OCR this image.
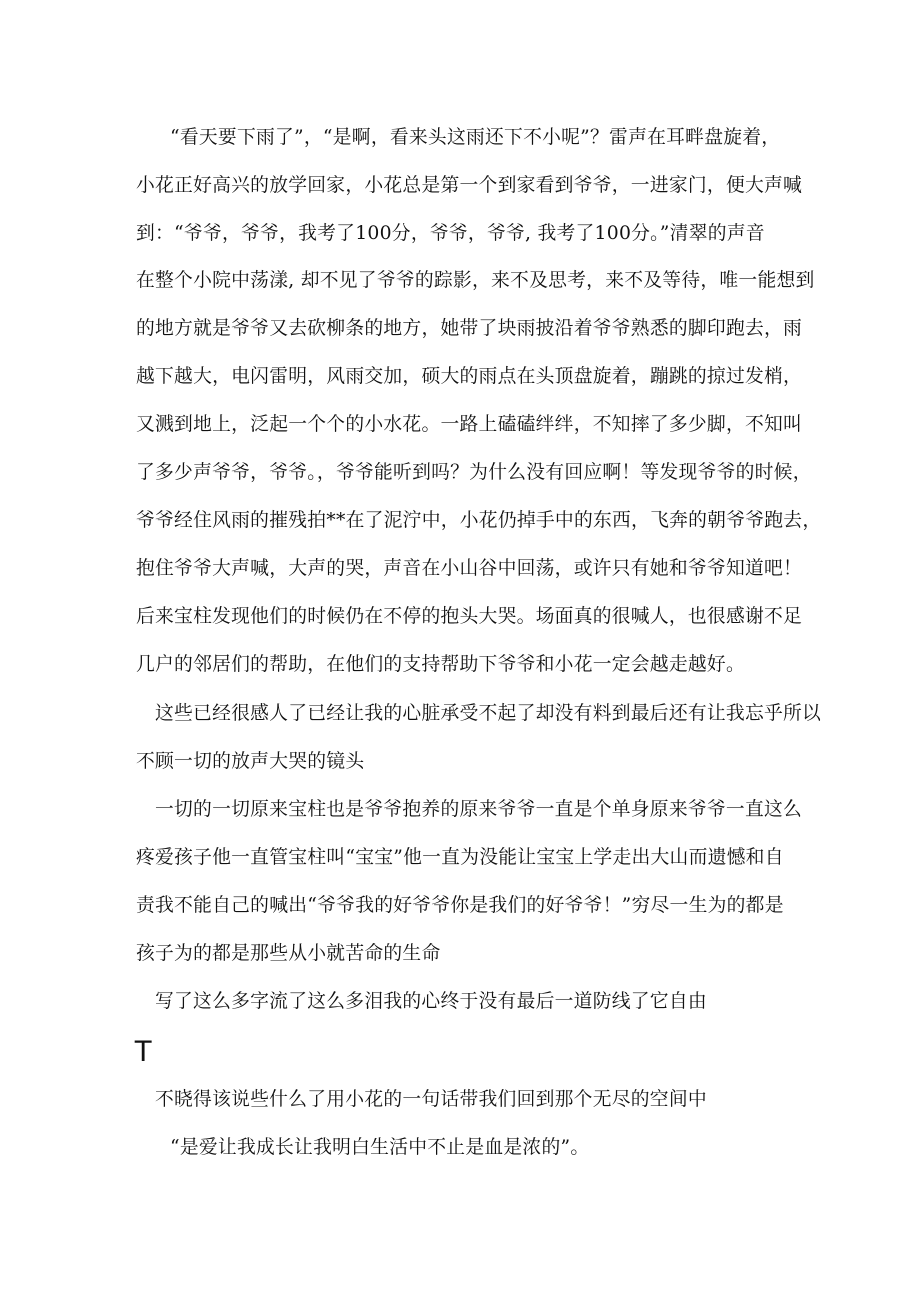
“看天要下雨了”，“是啊，看来头这雨还下不小呢”？雷声在耳畔盘旋着，
小花正好高兴的放学回家，小花总是第一个到家看到爷爷，一进家门，便大声喊
到：“爷爷，爷爷，我考了100分，爷爷，爷爷, 我考了100分。”清翠的声音
在整个小院中荡漾, 却不见了爷爷的踪影，来不及思考，来不及等待，唯一能想到
的地方就是爷爷又去砍柳条的地方，她带了块雨披沿着爷爷熟悉的脚印跑去，雨
越下越大，电闪雷明，风雨交加，硕大的雨点在头顶盘旋着，蹦跳的掠过发梢，
又溅到地上，泛起一个个的小水花。一路上磕磕绊绊，不知摔了多少脚，不知叫
了多少声爷爷，爷爷。，爷爷能听到吗？为什么没有回应啊！等发现爷爷的时候，
爷爷经住风雨的摧残拍**在了泥泞中，小花仍掉手中的东西，飞奔的朝爷爷跑去，
抱住爷爷大声喊，大声的哭，声音在小山谷中回荡，或许只有她和爷爷知道吧！
后来宝柱发现他们的时候仍在不停的抱头大哭。场面真的很喊人，也很感谢不足
几户的邻居们的帮助，在他们的支持帮助下爷爷和小花一定会越走越好。
这些已经很感人了已经让我的心脏承受不起了却没有料到最后还有让我忘乎所以
不顾一切的放声大哭的镜头
一切的一切原来宝柱也是爷爷抱养的原来爷爷一直是个单身原来爷爷一直这么
疼爱孩子他一直管宝柱叫“宝宝”他一直为没能让宝宝上学走出大山而遗憾和自
责我不能自己的喊出“爷爷我的好爷爷你是我们的好爷爷！”穷尽一生为的都是
孩子为的都是那些从小就苦命的生命
写了这么多字流了这么多泪我的心终于没有最后一道防线了它自由
T
不晓得该说些什么了用小花的一句话带我们回到那个无尽的空间中
“是爱让我成长让我明白生活中不止是血是浓的”。
